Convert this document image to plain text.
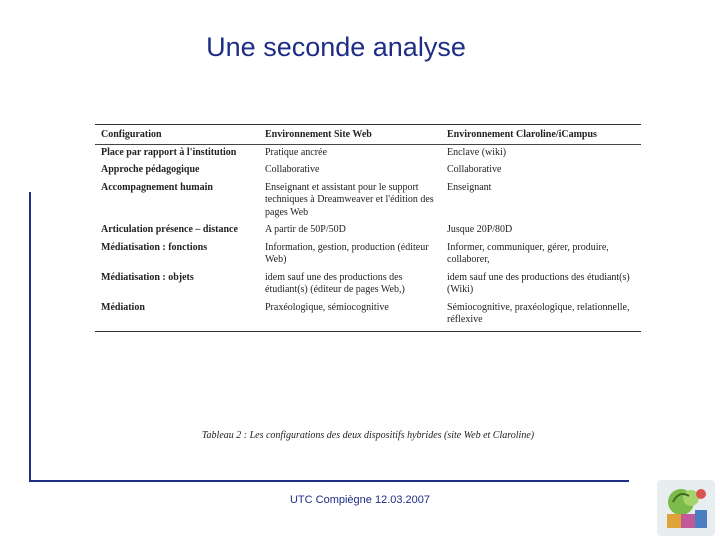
Une seconde analyse
Configuration	Environnement Site Web	Environnement Claroline/iCampus
Place par rapport à l'institution	Pratique ancrée	Enclave (wiki)
Approche pédagogique	Collaborative	Collaborative
Accompagnement humain	Enseignant et assistant pour le support techniques à Dreamweaver et l'édition des pages Web	Enseignant
Articulation présence – distance	A partir de 50P/50D	Jusque 20P/80D
Médiatisation : fonctions	Information, gestion, production (éditeur Web)	Informer, communiquer, gérer, produire, collaborer,
Médiatisation : objets	idem sauf une des productions des étudiant(s) (éditeur de pages Web,)	idem sauf une des productions des étudiant(s) (Wiki)
Médiation	Praxéologique, sémiocognitive	Sémiocognitive, praxéologique, relationnelle, réflexive
Tableau 2 : Les configurations des deux dispositifs hybrides (site Web et Claroline)
UTC Compiègne 12.03.2007
